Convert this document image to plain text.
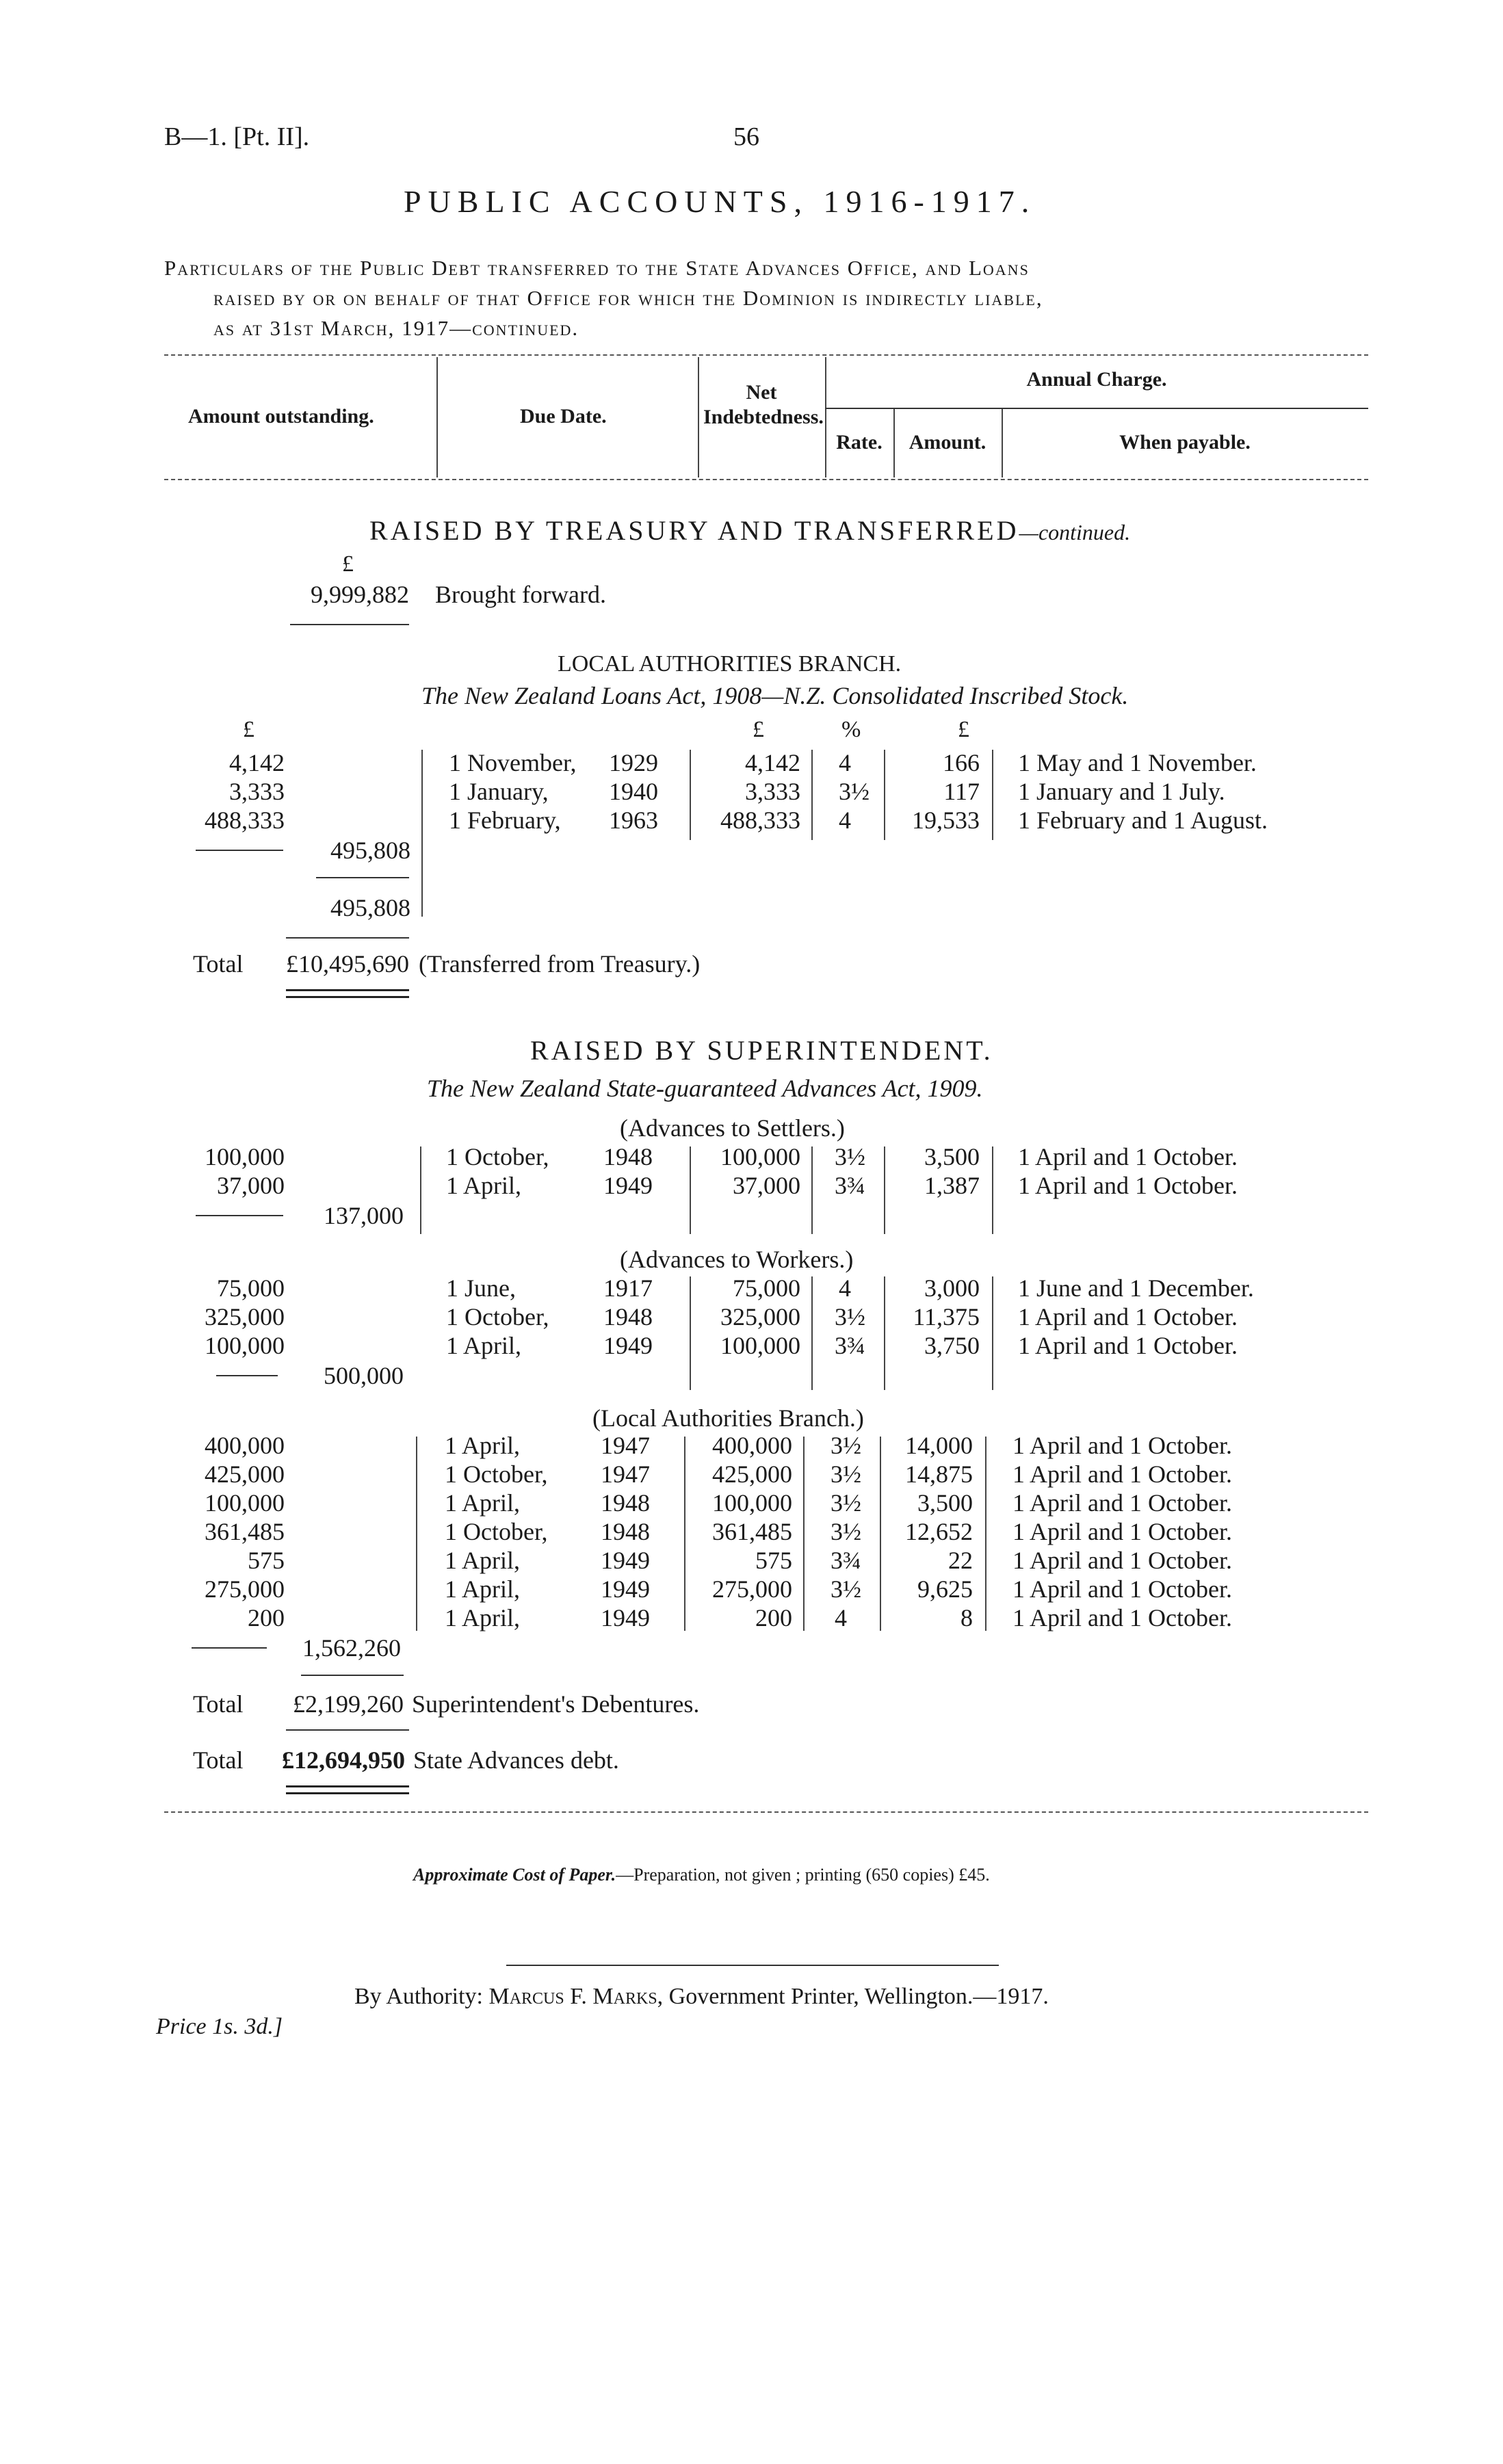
B—1. [Pt. II].	56
PUBLIC ACCOUNTS, 1916-1917.
Particulars of the Public Debt transferred to the State Advances Office, and Loans
raised by or on behalf of that Office for which the Dominion is indirectly liable,
as at 31st March, 1917—continued.
Amount outstanding.	Due Date.
Net Indebtedness.
Annual Charge.
Rate.	Amount.	When payable.
RAISED BY TREASURY AND TRANSFERRED—continued.
£
9,999,882 Brought forward.
LOCAL AUTHORITIES BRANCH.
The New Zealand Loans Act, 1908—N.Z. Consolidated Inscribed Stock.
£	£	%	£
4,142	1 November,	1929	4,142 4	166 1 May and 1 November.
3,333	1 January,	1940	3,333 3½	117 1 January and 1 July.
488,333	1 February,	1963	488,333 4	19,533 1 February and 1 August.
495,808
495,808
Total	£10,495,690 (Transferred from Treasury.)
RAISED BY SUPERINTENDENT.
The New Zealand State-guaranteed Advances Act, 1909.
(Advances to Settlers.)
100,000	1 October, 1948	100,000 3½	3,500 1 April and 1 October.
37,000	1 April,	1949	37,000 3¾	1,387 1 April and 1 October.
137,000
(Advances to Workers.)
75,000	1 June,	1917	75,000 4	3,000 1 June and 1 December.
325,000	1 October, 1948	325,000 3½	11,375 1 April and 1 October.
100,000	1 April,	1949	100,000 3¾	3,750 1 April and 1 October.
500,000
(Local Authorities Branch.)
400,000	1 April,	1947	400,000 3½	14,000 1 April and 1 October.
425,000	1 October, 1947	425,000 3½	14,875 1 April and 1 October.
100,000	1 April,	1948	100,000 3½	3,500 1 April and 1 October.
361,485	1 October, 1948	361,485 3½	12,652 1 April and 1 October.
575	1 April,	1949	575 3¾	22 1 April and 1 October.
275,000	1 April,	1949	275,000 3½	9,625 1 April and 1 October.
200	1 April,	1949	200 4	8 1 April and 1 October.
1,562,260
Total	£2,199,260 Superintendent's Debentures.
Total	£12,694,950 State Advances debt.
Approximate Cost of Paper.—Preparation, not given ; printing (650 copies) £45.
By Authority: Marcus F. Marks, Government Printer, Wellington.—1917.
Price 1s. 3d.]
